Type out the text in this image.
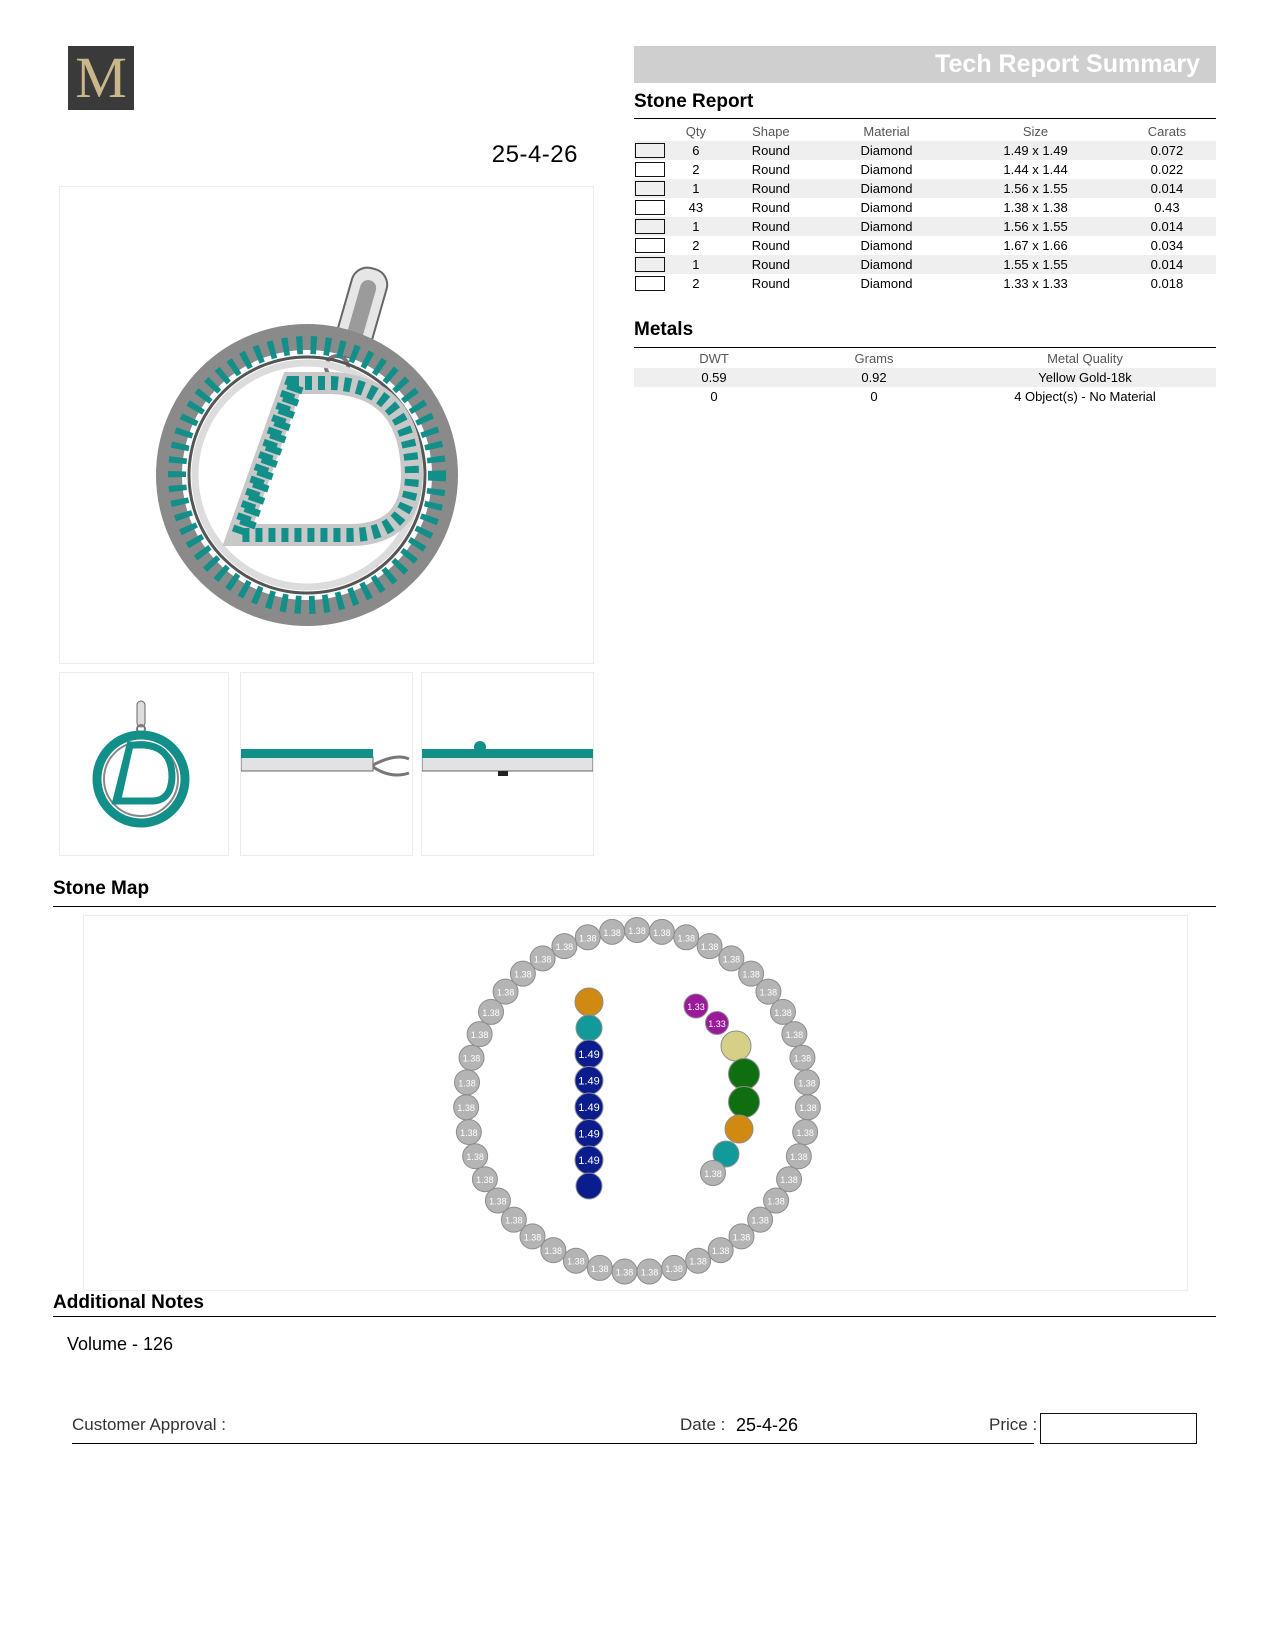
M
25-4-26
Tech Report Summary
Stone Report
	Qty	Shape	Material	Size	Carats

	6	Round	Diamond	1.49 x 1.49	0.072

	2	Round	Diamond	1.44 x 1.44	0.022

	1	Round	Diamond	1.56 x 1.55	0.014

	43	Round	Diamond	1.38 x 1.38	0.43

	1	Round	Diamond	1.56 x 1.55	0.014

	2	Round	Diamond	1.67 x 1.66	0.034

	1	Round	Diamond	1.55 x 1.55	0.014

	2	Round	Diamond	1.33 x 1.33	0.018
Metals
DWT	Grams	Metal Quality
0.59	0.92	Yellow Gold-18k
0	0	4 Object(s) - No Material
Stone Map
1.38 1.38
1.38
1.38
1.38
1.38
1.38
1.38
1.38
1.38
1.38
1.38
1.38
1.38
1.38
1.38
1.38
1.38
1.38
1.38
1.38
1.38
1.38
1.38
1.38
1.38
1.38
1.38
1.38
1.38
1.38
1.38
1.38
1.38
1.38
1.38
1.38
1.38
1.38
1.38
1.38
1.38
1.38
1.49
1.49
1.49
1.49
1.49
1.33
1.33
1.38
Additional Notes
Volume - 126
Customer Approval :	Date : 25-4-26	Price :
